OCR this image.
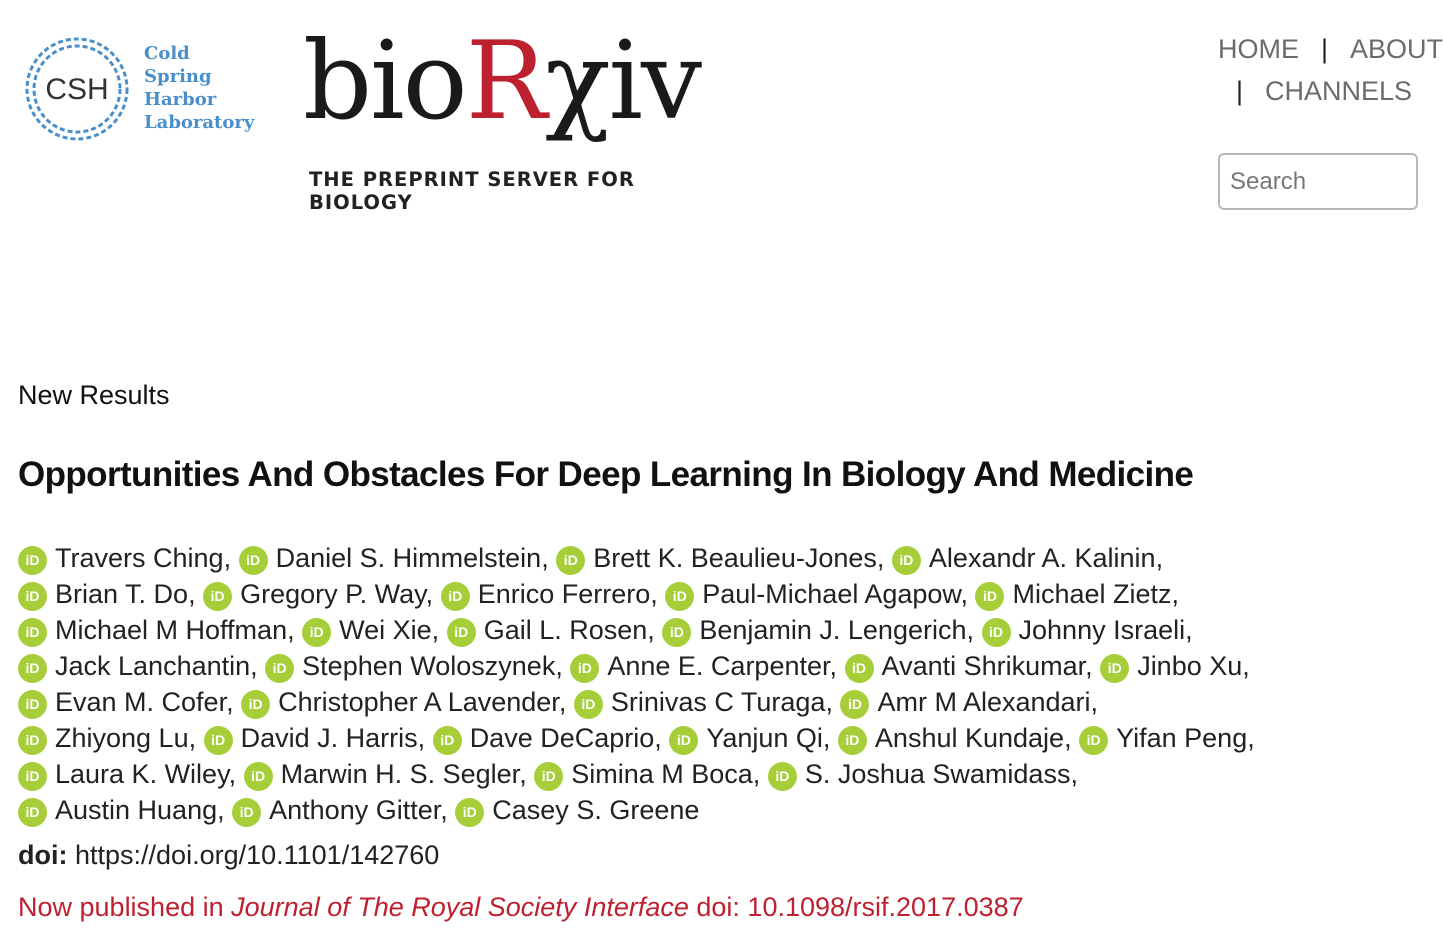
CSH
Cold
Spring
Harbor
Laboratory bioRχiv
THE PREPRINT SERVER FOR BIOLOGY
HOME | ABOUT
| CHANNELS
Search
New Results
Opportunities And Obstacles For Deep Learning In Biology And Medicine
iD Travers Ching, iD Daniel S. Himmelstein, iD Brett K. Beaulieu-Jones, iD Alexandr A. Kalinin,
iD Brian T. Do, iD Gregory P. Way, iD Enrico Ferrero, iD Paul-Michael Agapow, iD Michael Zietz,
iD Michael M Hoffman, iD Wei Xie, iD Gail L. Rosen, iD Benjamin J. Lengerich, iD Johnny Israeli,
iD Jack Lanchantin, iD Stephen Woloszynek, iD Anne E. Carpenter, iD Avanti Shrikumar, iD Jinbo Xu,
iD Evan M. Cofer, iD Christopher A Lavender, iD Srinivas C Turaga, iD Amr M Alexandari,
iD Zhiyong Lu, iD David J. Harris, iD Dave DeCaprio, iD Yanjun Qi, iD Anshul Kundaje, iD Yifan Peng,
iD Laura K. Wiley, iD Marwin H. S. Segler, iD Simina M Boca, iD S. Joshua Swamidass,
iD Austin Huang, iD Anthony Gitter, iD Casey S. Greene
doi: https://doi.org/10.1101/142760
Now published in Journal of The Royal Society Interface doi: 10.1098/rsif.2017.0387
